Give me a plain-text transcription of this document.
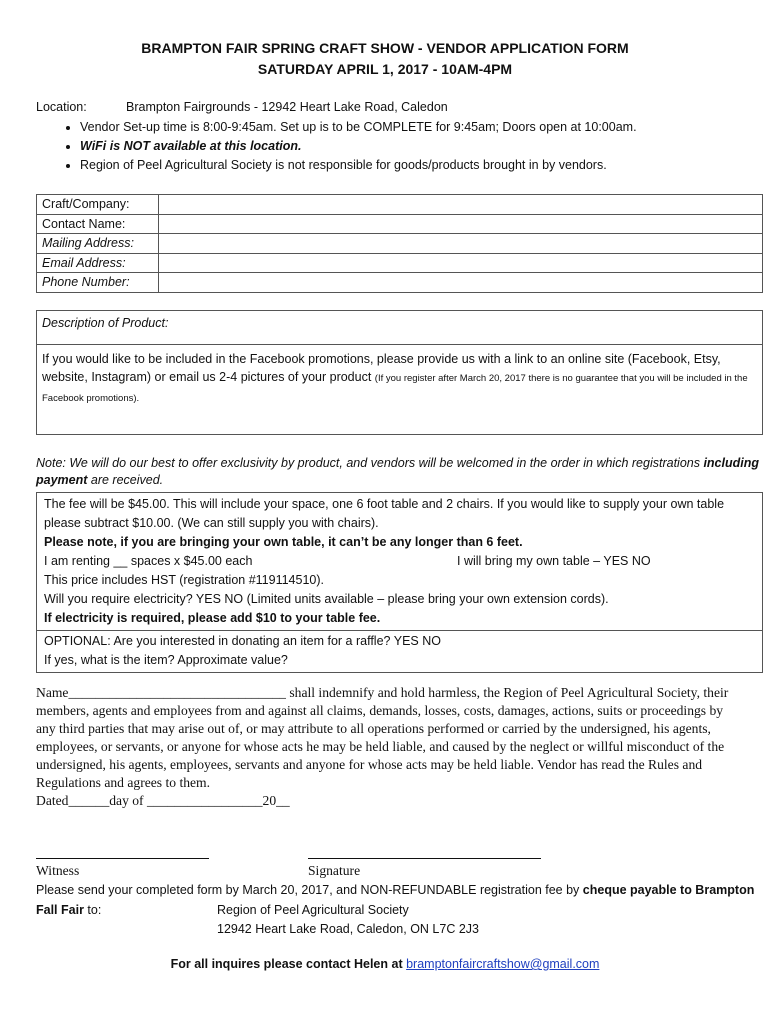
BRAMPTON FAIR SPRING CRAFT SHOW - VENDOR APPLICATION FORM
SATURDAY APRIL 1, 2017 - 10AM-4PM
Location:	Brampton Fairgrounds - 12942 Heart Lake Road, Caledon
• Vendor Set-up time is 8:00-9:45am. Set up is to be COMPLETE for 9:45am; Doors open at 10:00am.
• WiFi is NOT available at this location.
• Region of Peel Agricultural Society is not responsible for goods/products brought in by vendors.
Craft/Company:	
Contact Name:	
Mailing Address:	
Email Address:	
Phone Number:	
Description of Product:
If you would like to be included in the Facebook promotions, please provide us with a link to an online site (Facebook, Etsy, website, Instagram) or email us 2-4 pictures of your product (If you register after March 20, 2017 there is no guarantee that you will be included in the Facebook promotions).
Note: We will do our best to offer exclusivity by product, and vendors will be welcomed in the order in which registrations including payment are received.
The fee will be $45.00. This will include your space, one 6 foot table and 2 chairs. If you would like to supply your own table please subtract $10.00. (We can still supply you with chairs).
Please note, if you are bringing your own table, it can’t be any longer than 6 feet.
I am renting __ spaces x $45.00 each	I will bring my own table – YES NO
This price includes HST (registration #119114510).
Will you require electricity? YES NO (Limited units available – please bring your own extension cords).
If electricity is required, please add $10 to your table fee.
OPTIONAL: Are you interested in donating an item for a raffle? YES NO
If yes, what is the item? Approximate value?
Name________________________________ shall indemnify and hold harmless, the Region of Peel Agricultural Society, their members, agents and employees from and against all claims, demands, losses, costs, damages, actions, suits or proceedings by any third parties that may arise out of, or may attribute to all operations performed or carried by the undersigned, his agents, employees, or servants, or anyone for whose acts he may be held liable, and caused by the neglect or willful misconduct of the undersigned, his agents, employees, servants and anyone for whose acts may be held liable. Vendor has read the Rules and Regulations and agrees to them.
Dated______day of _________________20__
Witness	Signature
Please send your completed form by March 20, 2017, and NON-REFUNDABLE registration fee by cheque payable to Brampton Fall Fair to:	Region of Peel Agricultural Society
12942 Heart Lake Road, Caledon, ON L7C 2J3
For all inquires please contact Helen at bramptonfaircraftshow@gmail.com
